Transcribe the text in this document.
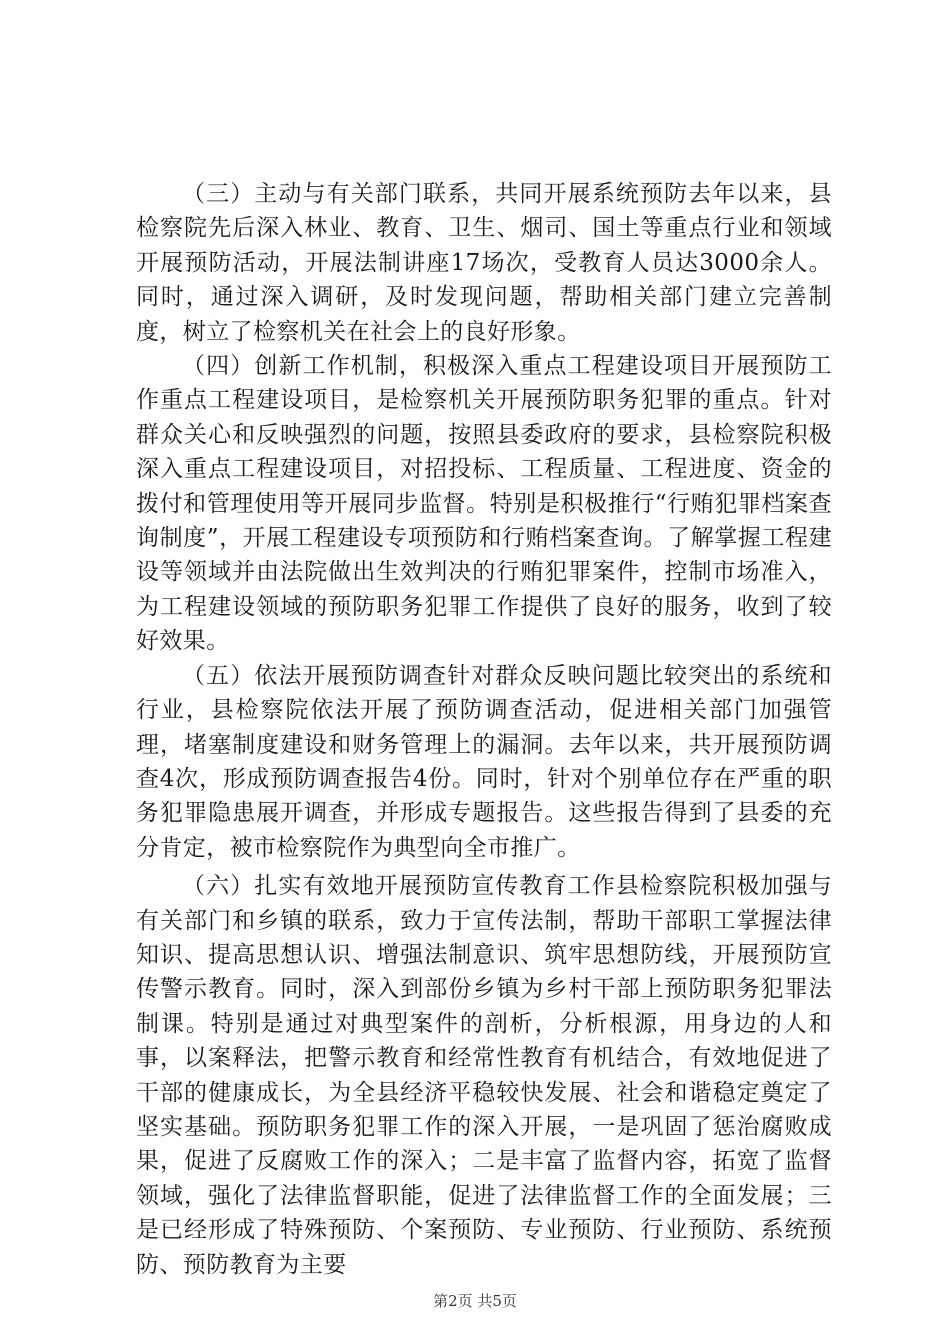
（三）主动与有关部门联系，共同开展系统预防去年以来，县检察院先后深入林业、教育、卫生、烟司、国土等重点行业和领域开展预防活动，开展法制讲座17场次，受教育人员达3000余人。同时，通过深入调研，及时发现问题，帮助相关部门建立完善制度，树立了检察机关在社会上的良好形象。

（四）创新工作机制，积极深入重点工程建设项目开展预防工作重点工程建设项目，是检察机关开展预防职务犯罪的重点。针对群众关心和反映强烈的问题，按照县委政府的要求，县检察院积极深入重点工程建设项目，对招投标、工程质量、工程进度、资金的拨付和管理使用等开展同步监督。特别是积极推行“行贿犯罪档案查询制度”，开展工程建设专项预防和行贿档案查询。了解掌握工程建设等领域并由法院做出生效判决的行贿犯罪案件，控制市场准入，为工程建设领域的预防职务犯罪工作提供了良好的服务，收到了较好效果。

（五）依法开展预防调查针对群众反映问题比较突出的系统和行业，县检察院依法开展了预防调查活动，促进相关部门加强管理，堵塞制度建设和财务管理上的漏洞。去年以来，共开展预防调查4次，形成预防调查报告4份。同时，针对个别单位存在严重的职务犯罪隐患展开调查，并形成专题报告。这些报告得到了县委的充分肯定，被市检察院作为典型向全市推广。

（六）扎实有效地开展预防宣传教育工作县检察院积极加强与有关部门和乡镇的联系，致力于宣传法制，帮助干部职工掌握法律知识、提高思想认识、增强法制意识、筑牢思想防线，开展预防宣传警示教育。同时，深入到部份乡镇为乡村干部上预防职务犯罪法制课。特别是通过对典型案件的剖析，分析根源，用身边的人和事，以案释法，把警示教育和经常性教育有机结合，有效地促进了干部的健康成长，为全县经济平稳较快发展、社会和谐稳定奠定了坚实基础。预防职务犯罪工作的深入开展，一是巩固了惩治腐败成果，促进了反腐败工作的深入；二是丰富了监督内容，拓宽了监督领域，强化了法律监督职能，促进了法律监督工作的全面发展；三是已经形成了特殊预防、个案预防、专业预防、行业预防、系统预防、预防教育为主要

第2页 共5页
